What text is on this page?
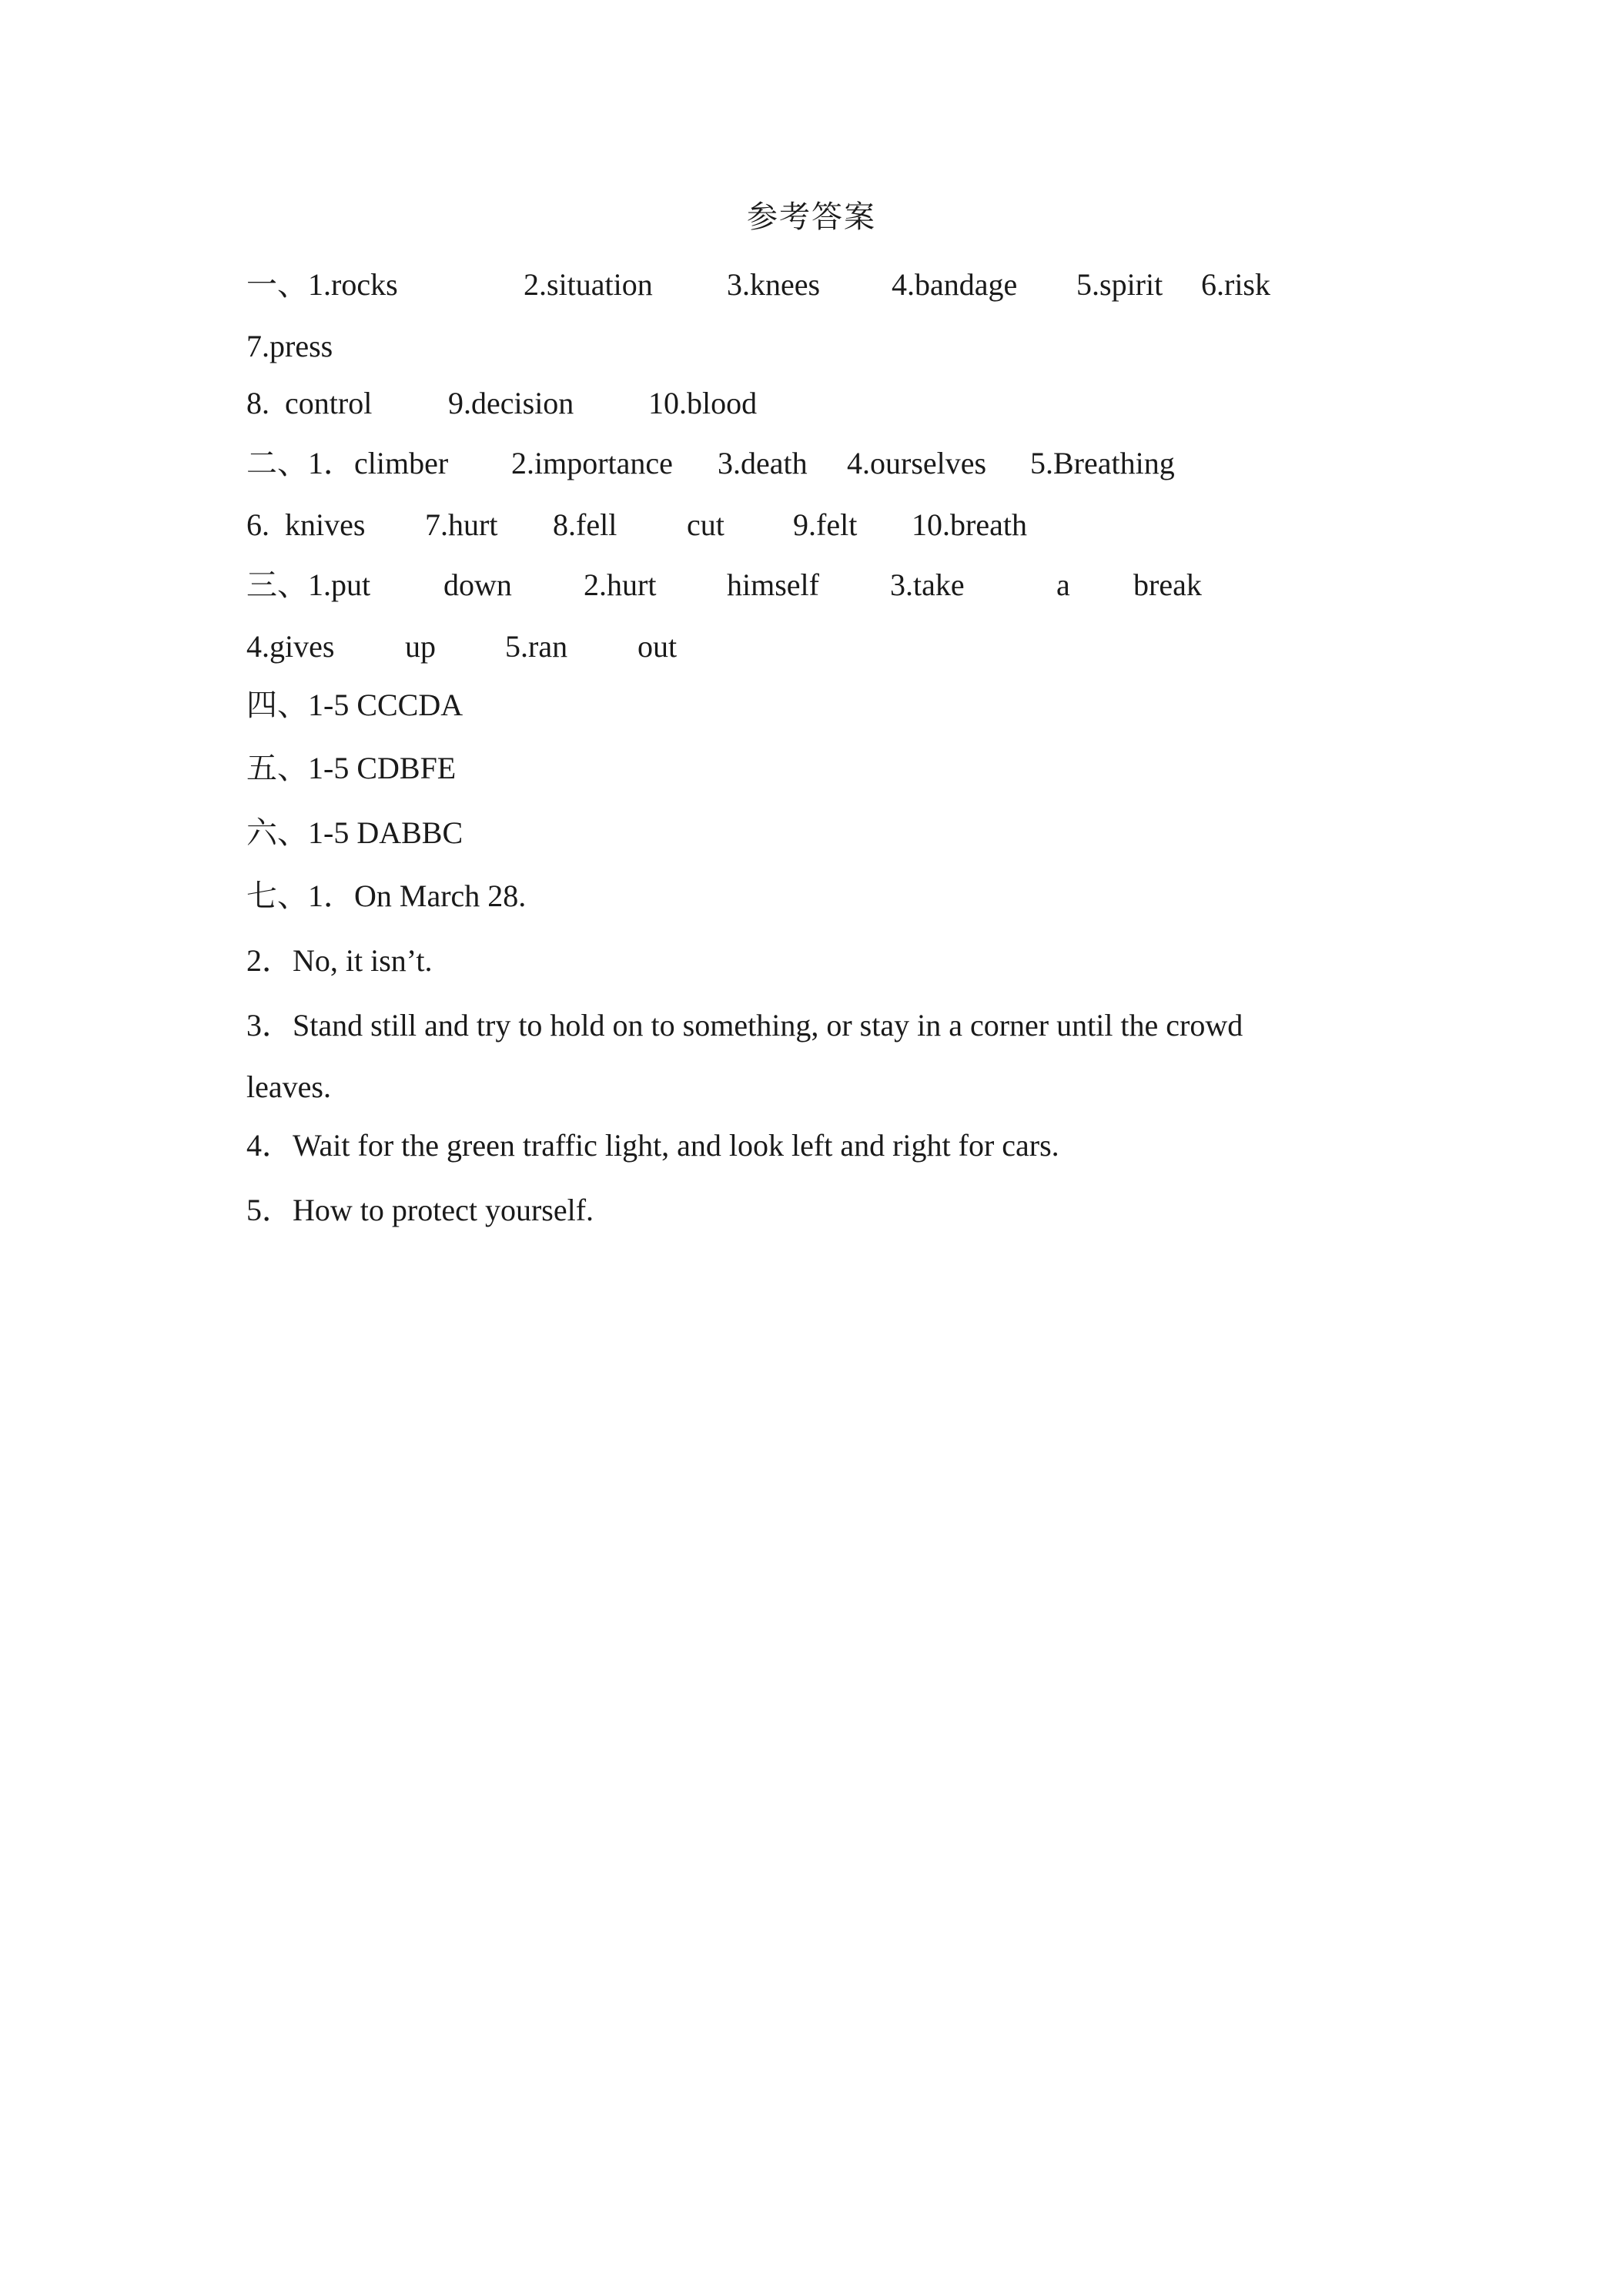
参考答案
一、1.rocks	2.situation 3.knees 4.bandage 5.spirit 6.risk
7.press
8.  control 9.decision 10.blood
二、1．climber 2.importance 3.death 4.ourselves 5.Breathing
6.  knives 7.hurt 8.fell cut 9.felt 10.breath
三、1.put down 2.hurt himself 3.take	a break
4.gives up 5.ran out
四、1-5 CCCDA
五、1-5 CDBFE
六、1-5 DABBC
七、1．On March 28.
2．No, it isn’t.
3．Stand still and try to hold on to something, or stay in a corner until the crowd
leaves.
4．Wait for the green traffic light, and look left and right for cars.
5．How to protect yourself.
